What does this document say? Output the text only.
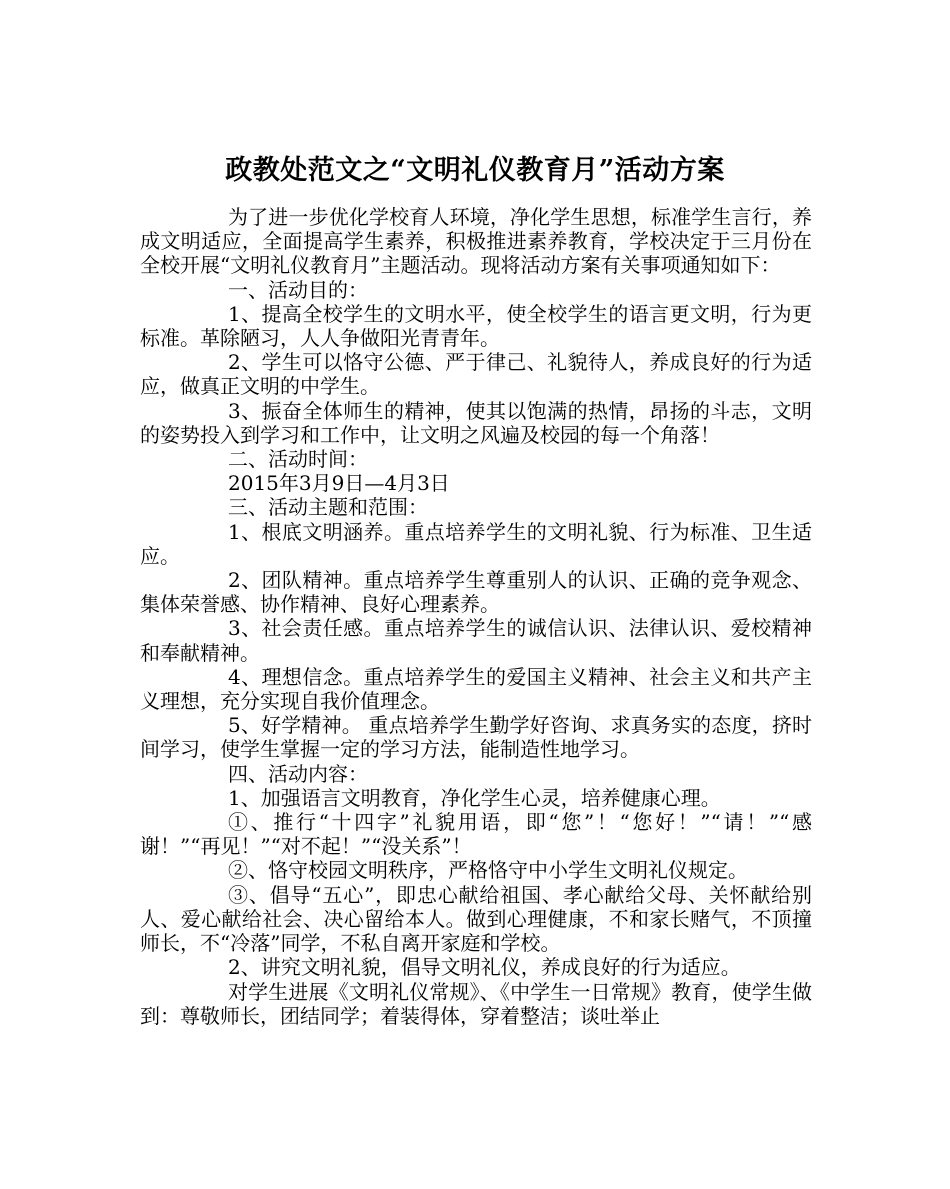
政教处范文之“文明礼仪教育月”活动方案

为了进一步优化学校育人环境，净化学生思想，标准学生言行，养成文明适应，全面提高学生素养，积极推进素养教育，学校决定于三月份在全校开展“文明礼仪教育月”主题活动。现将活动方案有关事项通知如下：

一、活动目的：

1、提高全校学生的文明水平，使全校学生的语言更文明，行为更标准。革除陋习，人人争做阳光青青年。

2、学生可以恪守公德、严于律己、礼貌待人，养成良好的行为适应，做真正文明的中学生。

3、振奋全体师生的精神，使其以饱满的热情，昂扬的斗志，文明的姿势投入到学习和工作中，让文明之风遍及校园的每一个角落！

二、活动时间：

2015年3月9日—4月3日

三、活动主题和范围：

1、根底文明涵养。重点培养学生的文明礼貌、行为标准、卫生适应。

2、团队精神。重点培养学生尊重别人的认识、正确的竞争观念、集体荣誉感、协作精神、良好心理素养。

3、社会责任感。重点培养学生的诚信认识、法律认识、爱校精神和奉献精神。

4、理想信念。重点培养学生的爱国主义精神、社会主义和共产主义理想，充分实现自我价值理念。

5、好学精神。 重点培养学生勤学好咨询、求真务实的态度，挤时间学习，使学生掌握一定的学习方法，能制造性地学习。

四、活动内容：

1、加强语言文明教育，净化学生心灵，培养健康心理。

①、推行“十四字”礼貌用语，即“您”！“您好！”“请！”“感谢！”“再见！”“对不起！”“没关系”！

②、恪守校园文明秩序，严格恪守中小学生文明礼仪规定。

③、倡导“五心”，即忠心献给祖国、孝心献给父母、关怀献给别人、爱心献给社会、决心留给本人。做到心理健康，不和家长赌气，不顶撞师长，不“冷落”同学，不私自离开家庭和学校。

2、讲究文明礼貌，倡导文明礼仪，养成良好的行为适应。

对学生进展《文明礼仪常规》、《中学生一日常规》教育，使学生做到：尊敬师长，团结同学；着装得体，穿着整洁；谈吐举止
